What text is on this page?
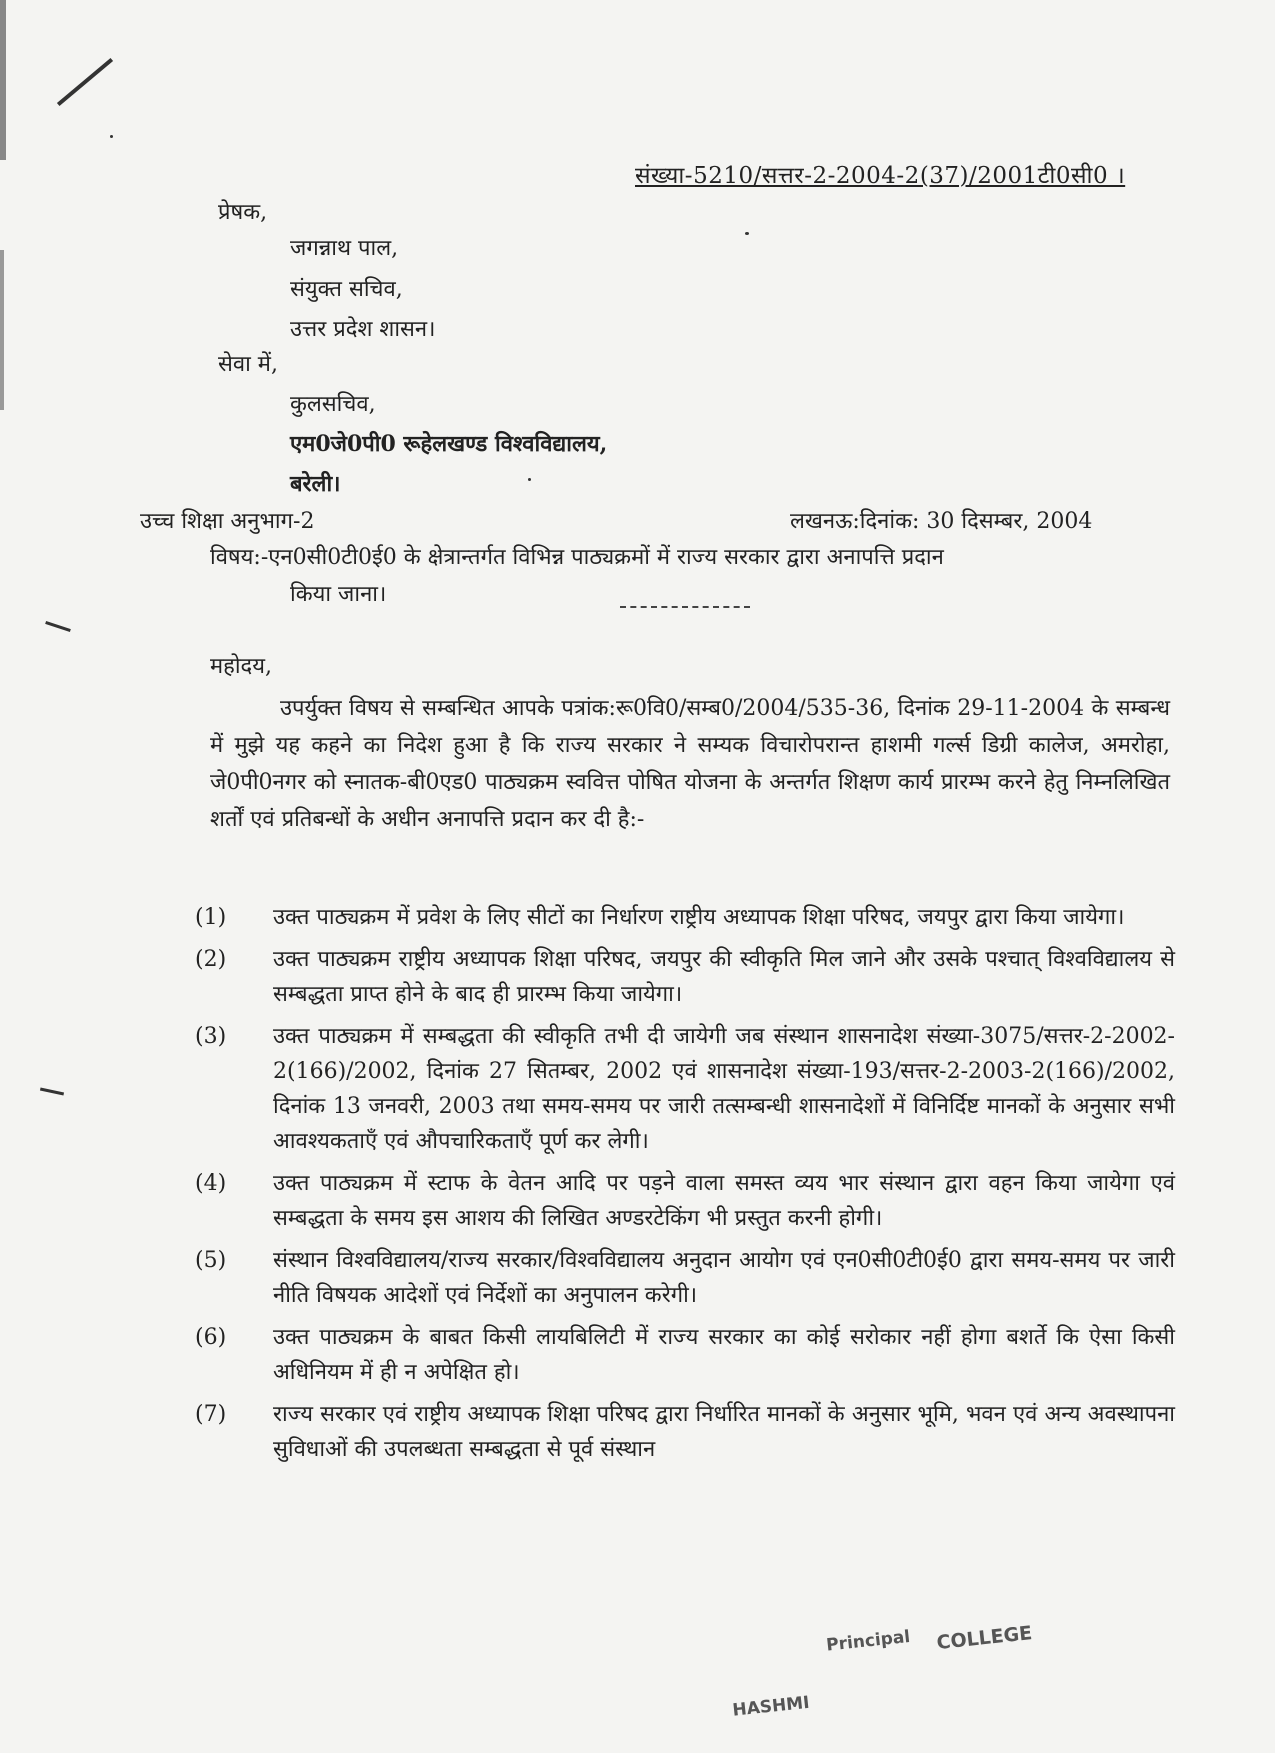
संख्या-5210/सत्तर-2-2004-2(37)/2001टी0सी0 ।
प्रेषक,
जगन्नाथ पाल,
संयुक्त सचिव,
उत्तर प्रदेश शासन।
सेवा में,
कुलसचिव,
एम0जे0पी0 रूहेलखण्ड विश्वविद्यालय,
बरेली।
उच्च शिक्षा अनुभाग-2	लखनऊ:दिनांक: 30 दिसम्बर, 2004
विषय:-एन0सी0टी0ई0 के क्षेत्रान्तर्गत विभिन्न पाठ्यक्रमों में राज्य सरकार द्वारा अनापत्ति प्रदान
किया जाना।
महोदय,
उपर्युक्त विषय से सम्बन्धित आपके पत्रांक:रू0वि0/सम्ब0/2004/535-36, दिनांक 29-11-2004 के सम्बन्ध में मुझे यह कहने का निदेश हुआ है कि राज्य सरकार ने सम्यक विचारोपरान्त हाशमी गर्ल्स डिग्री कालेज, अमरोहा, जे0पी0नगर को स्नातक-बी0एड0 पाठ्यक्रम स्ववित्त पोषित योजना के अन्तर्गत शिक्षण कार्य प्रारम्भ करने हेतु निम्नलिखित शर्तों एवं प्रतिबन्धों के अधीन अनापत्ति प्रदान कर दी है:-
(1)	उक्त पाठ्यक्रम में प्रवेश के लिए सीटों का निर्धारण राष्ट्रीय अध्यापक शिक्षा परिषद, जयपुर द्वारा किया जायेगा।
(2)	उक्त पाठ्यक्रम राष्ट्रीय अध्यापक शिक्षा परिषद, जयपुर की स्वीकृति मिल जाने और उसके पश्चात् विश्वविद्यालय से सम्बद्धता प्राप्त होने के बाद ही प्रारम्भ किया जायेगा।
(3)	उक्त पाठ्यक्रम में सम्बद्धता की स्वीकृति तभी दी जायेगी जब संस्थान शासनादेश संख्या-3075/सत्तर-2-2002-2(166)/2002, दिनांक 27 सितम्बर, 2002 एवं शासनादेश संख्या-193/सत्तर-2-2003-2(166)/2002, दिनांक 13 जनवरी, 2003 तथा समय-समय पर जारी तत्सम्बन्धी शासनादेशों में विनिर्दिष्ट मानकों के अनुसार सभी आवश्यकताएँ एवं औपचारिकताएँ पूर्ण कर लेगी।
(4)	उक्त पाठ्यक्रम में स्टाफ के वेतन आदि पर पड़ने वाला समस्त व्यय भार संस्थान द्वारा वहन किया जायेगा एवं सम्बद्धता के समय इस आशय की लिखित अण्डरटेकिंग भी प्रस्तुत करनी होगी।
(5)	संस्थान विश्वविद्यालय/राज्य सरकार/विश्वविद्यालय अनुदान आयोग एवं एन0सी0टी0ई0 द्वारा समय-समय पर जारी नीति विषयक आदेशों एवं निर्देशों का अनुपालन करेगी।
(6)	उक्त पाठ्यक्रम के बाबत किसी लायबिलिटी में राज्य सरकार का कोई सरोकार नहीं होगा बशर्ते कि ऐसा किसी अधिनियम में ही न अपेक्षित हो।
(7)	राज्य सरकार एवं राष्ट्रीय अध्यापक शिक्षा परिषद द्वारा निर्धारित मानकों के अनुसार भूमि, भवन एवं अन्य अवस्थापना सुविधाओं की उपलब्धता सम्बद्धता से पूर्व संस्थान
Principal COLLEGE
HASHMI
